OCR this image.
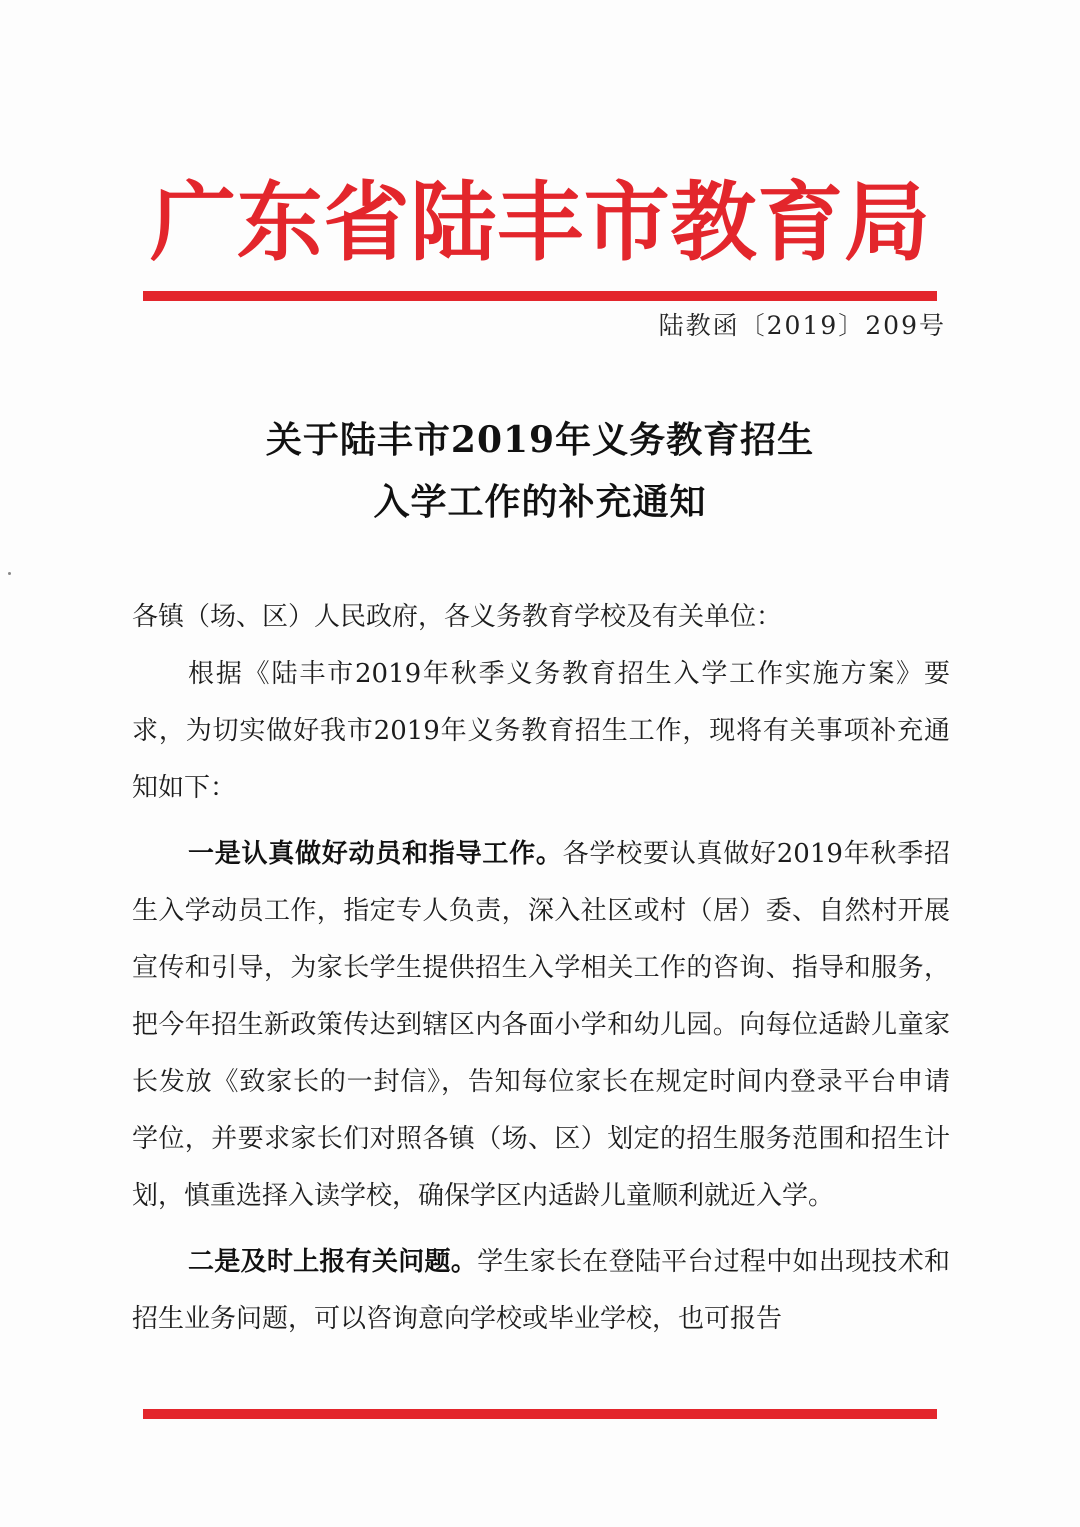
广东省陆丰市教育局
陆教函〔2019〕209号
关于陆丰市2019年义务教育招生
入学工作的补充通知

各镇（场、区）人民政府，各义务教育学校及有关单位：

根据《陆丰市2019年秋季义务教育招生入学工作实施方案》要求，为切实做好我市2019年义务教育招生工作，现将有关事项补充通知如下：

一是认真做好动员和指导工作。各学校要认真做好2019年秋季招生入学动员工作，指定专人负责，深入社区或村（居）委、自然村开展宣传和引导，为家长学生提供招生入学相关工作的咨询、指导和服务，把今年招生新政策传达到辖区内各面小学和幼儿园。向每位适龄儿童家长发放《致家长的一封信》，告知每位家长在规定时间内登录平台申请学位，并要求家长们对照各镇（场、区）划定的招生服务范围和招生计划，慎重选择入读学校，确保学区内适龄儿童顺利就近入学。

二是及时上报有关问题。学生家长在登陆平台过程中如出现技术和招生业务问题，可以咨询意向学校或毕业学校，也可报告
